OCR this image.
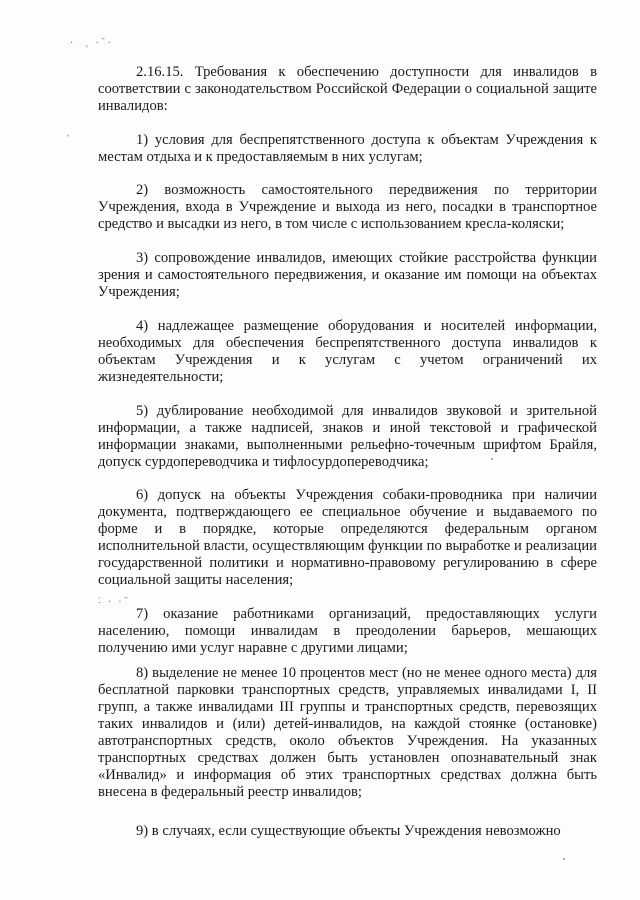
·  ˌ ·ˉ·
ˎ
˸ · ·ˉ

2.16.15. Требования к обеспечению доступности для инвалидов в соответствии с законодательством Российской Федерации о социальной защите инвалидов:

1) условия для беспрепятственного доступа к объектам Учреждения к местам отдыха и к предоставляемым в них услугам;

2) возможность самостоятельного передвижения по территории Учреждения, входа в Учреждение и выхода из него, посадки в транспортное средство и высадки из него, в том числе с использованием кресла-коляски;

3) сопровождение инвалидов, имеющих стойкие расстройства функции зрения и самостоятельного передвижения, и оказание им помощи на объектах Учреждения;

4) надлежащее размещение оборудования и носителей информации, необходимых для обеспечения беспрепятственного доступа инвалидов к объектам Учреждения и к услугам с учетом ограничений их жизнедеятельности;

5) дублирование необходимой для инвалидов звуковой и зрительной информации, а также надписей, знаков и иной текстовой и графической информации знаками, выполненными рельефно-точечным шрифтом Брайля, допуск сурдопереводчика и тифлосурдопереводчика;

6) допуск на объекты Учреждения собаки-проводника при наличии документа, подтверждающего ее специальное обучение и выдаваемого по форме и в порядке, которые определяются федеральным органом исполнительной власти, осуществляющим функции по выработке и реализации государственной политики и нормативно-правовому регулированию в сфере социальной защиты населения;

7) оказание работниками организаций, предоставляющих услуги населению, помощи инвалидам в преодолении барьеров, мешающих получению ими услуг наравне с другими лицами;

8) выделение не менее 10 процентов мест (но не менее одного места) для бесплатной парковки транспортных средств, управляемых инвалидами I, II групп, а также инвалидами III группы и транспортных средств, перевозящих таких инвалидов и (или) детей-инвалидов, на каждой стоянке (остановке) автотранспортных средств, около объектов Учреждения. На указанных транспортных средствах должен быть установлен опознавательный знак «Инвалид» и информация об этих транспортных средствах должна быть внесена в федеральный реестр инвалидов;

9) в случаях, если существующие объекты Учреждения невозможно
